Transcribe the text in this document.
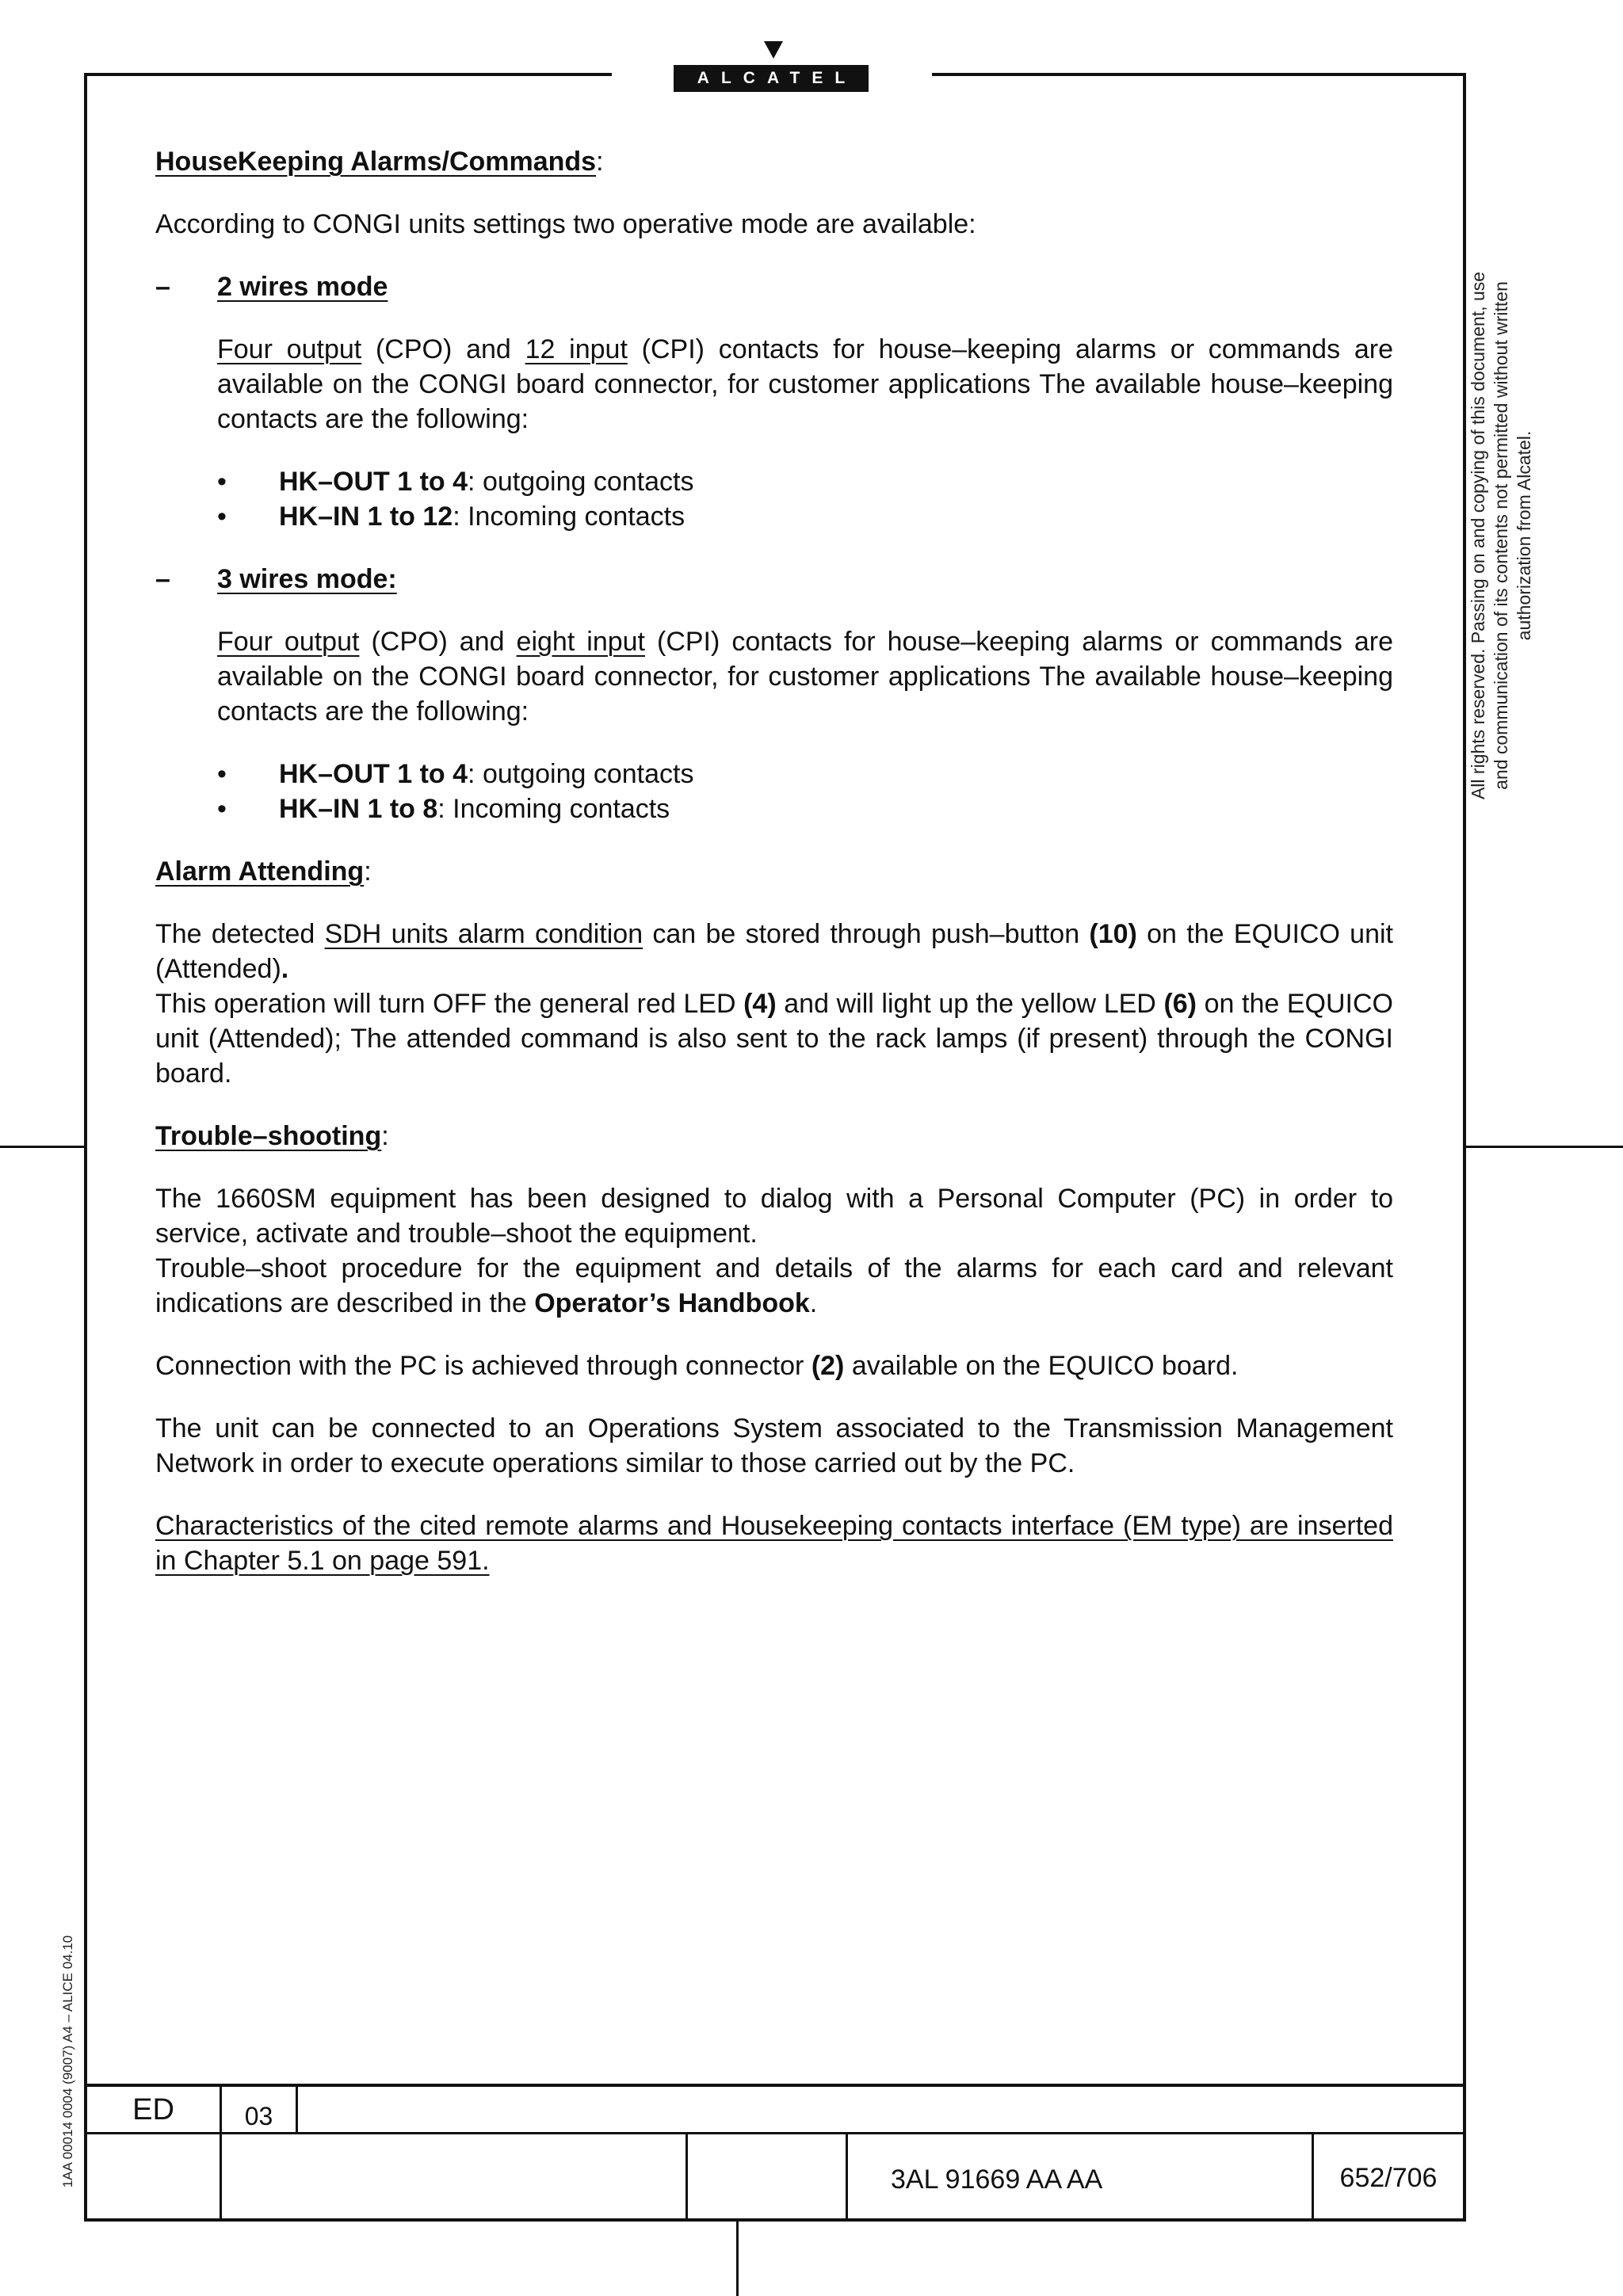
ALCATEL
All rights reserved. Passing on and copying of this document, use and communication of its contents not permitted without written authorization from Alcatel.
1AA 00014 0004 (9007) A4 – ALICE 04.10

HouseKeeping Alarms/Commands:

According to CONGI units settings two operative mode are available:

– 2 wires mode

Four output (CPO) and 12 input (CPI) contacts for house–keeping alarms or commands are available on the CONGI board connector, for customer applications The available house–keeping contacts are the following:

• HK–OUT 1 to 4: outgoing contacts

• HK–IN 1 to 12: Incoming contacts

– 3 wires mode:

Four output (CPO) and eight input (CPI) contacts for house–keeping alarms or commands are available on the CONGI board connector, for customer applications The available house–keeping contacts are the following:

• HK–OUT 1 to 4: outgoing contacts

• HK–IN 1 to 8: Incoming contacts

Alarm Attending:

The detected SDH units alarm condition can be stored through push–button (10) on the EQUICO unit (Attended).

This operation will turn OFF the general red LED (4) and will light up the yellow LED (6) on the EQUICO unit (Attended); The attended command is also sent to the rack lamps (if present) through the CONGI board.

Trouble–shooting:

The 1660SM equipment has been designed to dialog with a Personal Computer (PC) in order to service, activate and trouble–shoot the equipment.

Trouble–shoot procedure for the equipment and details of the alarms for each card and relevant indications are described in the Operator’s Handbook.

Connection with the PC is achieved through connector (2) available on the EQUICO board.

The unit can be connected to an Operations System associated to the Transmission Management Network in order to execute operations similar to those carried out by the PC.

Characteristics of the cited remote alarms and Housekeeping contacts interface (EM type) are inserted in Chapter 5.1 on page 591.

ED	03
3AL 91669 AA AA	652/706
